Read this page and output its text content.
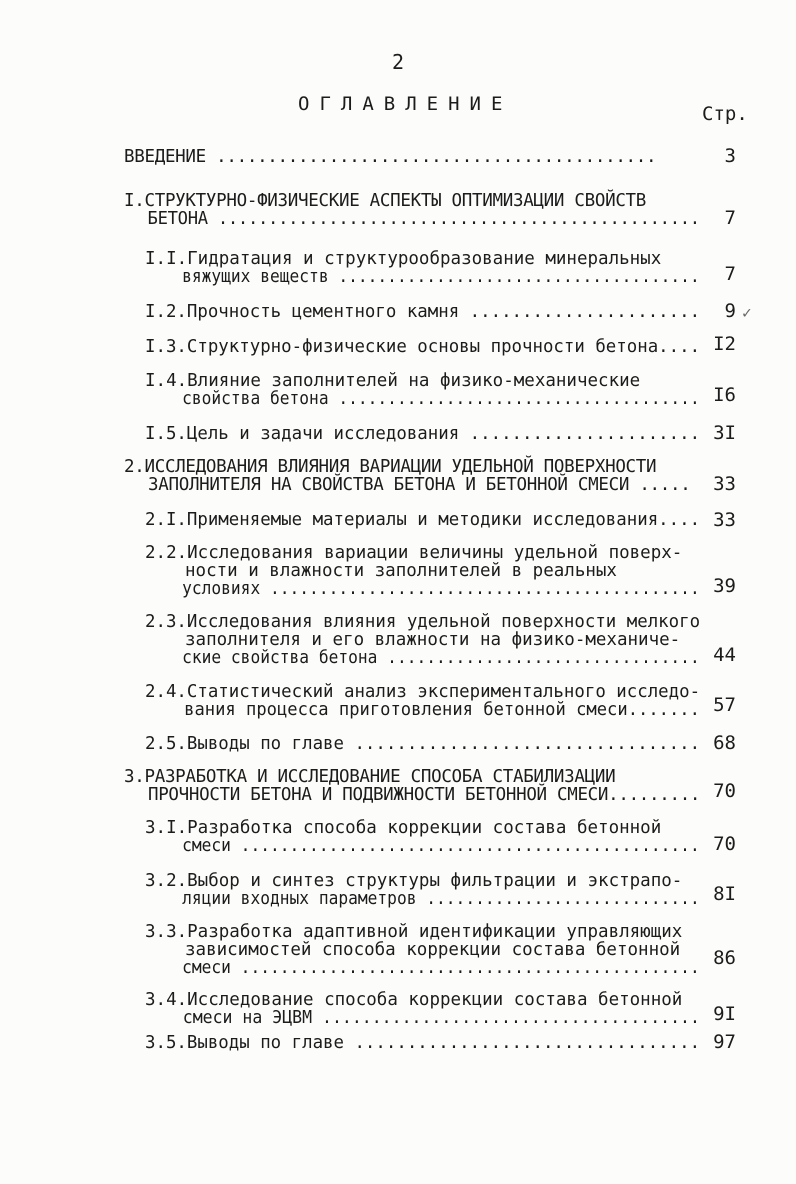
2
ОГЛАВЛЕНИЕ	Стр.
ВВЕДЕНИЕ ...........................................	3
I.СТРУКТУРНО-ФИЗИЧЕСКИЕ АСПЕКТЫ ОПТИМИЗАЦИИ СВОЙСТВ
БЕТОНА ................................................	7
I.I.Гидратация и структурообразование минеральных
вяжущих веществ .....................................	7
I.2.Прочность цементного камня ......................	9 ✓
I.3.Структурно-физические основы прочности бетона.... I2
I.4.Влияние заполнителей на физико-механические
свойства бетона ..................................... I6
I.5.Цель и задачи исследования ...................... 3I
2.ИССЛЕДОВАНИЯ ВЛИЯНИЯ ВАРИАЦИИ УДЕЛЬНОЙ ПОВЕРХНОСТИ
ЗАПОЛНИТЕЛЯ НА СВОЙСТВА БЕТОНА И БЕТОННОЙ СМЕСИ .....	33
2.I.Применяемые материалы и методики исследования.... 33
2.2.Исследования вариации величины удельной поверх-
ности и влажности заполнителей в реальных
условиях ............................................ 39
2.3.Исследования влияния удельной поверхности мелкого
заполнителя и его влажности на физико-механиче-
ские свойства бетона ................................ 44
2.4.Статистический анализ экспериментального исследо-
вания процесса приготовления бетонной смеси....... 57
2.5.Выводы по главе ................................. 68
3.РАЗРАБОТКА И ИССЛЕДОВАНИЕ СПОСОБА СТАБИЛИЗАЦИИ
ПРОЧНОСТИ БЕТОНА И ПОДВИЖНОСТИ БЕТОННОЙ СМЕСИ......... 70
3.I.Разработка способа коррекции состава бетонной
смеси ............................................... 70
3.2.Выбор и синтез структуры фильтрации и экстрапо-
ляции входных параметров ............................ 8I
3.3.Разработка адаптивной идентификации управляющих
зависимостей способа коррекции состава бетонной
смеси ............................................... 86
3.4.Исследование способа коррекции состава бетонной
смеси на ЭЦВМ ...................................... 9I
3.5.Выводы по главе ................................. 97
